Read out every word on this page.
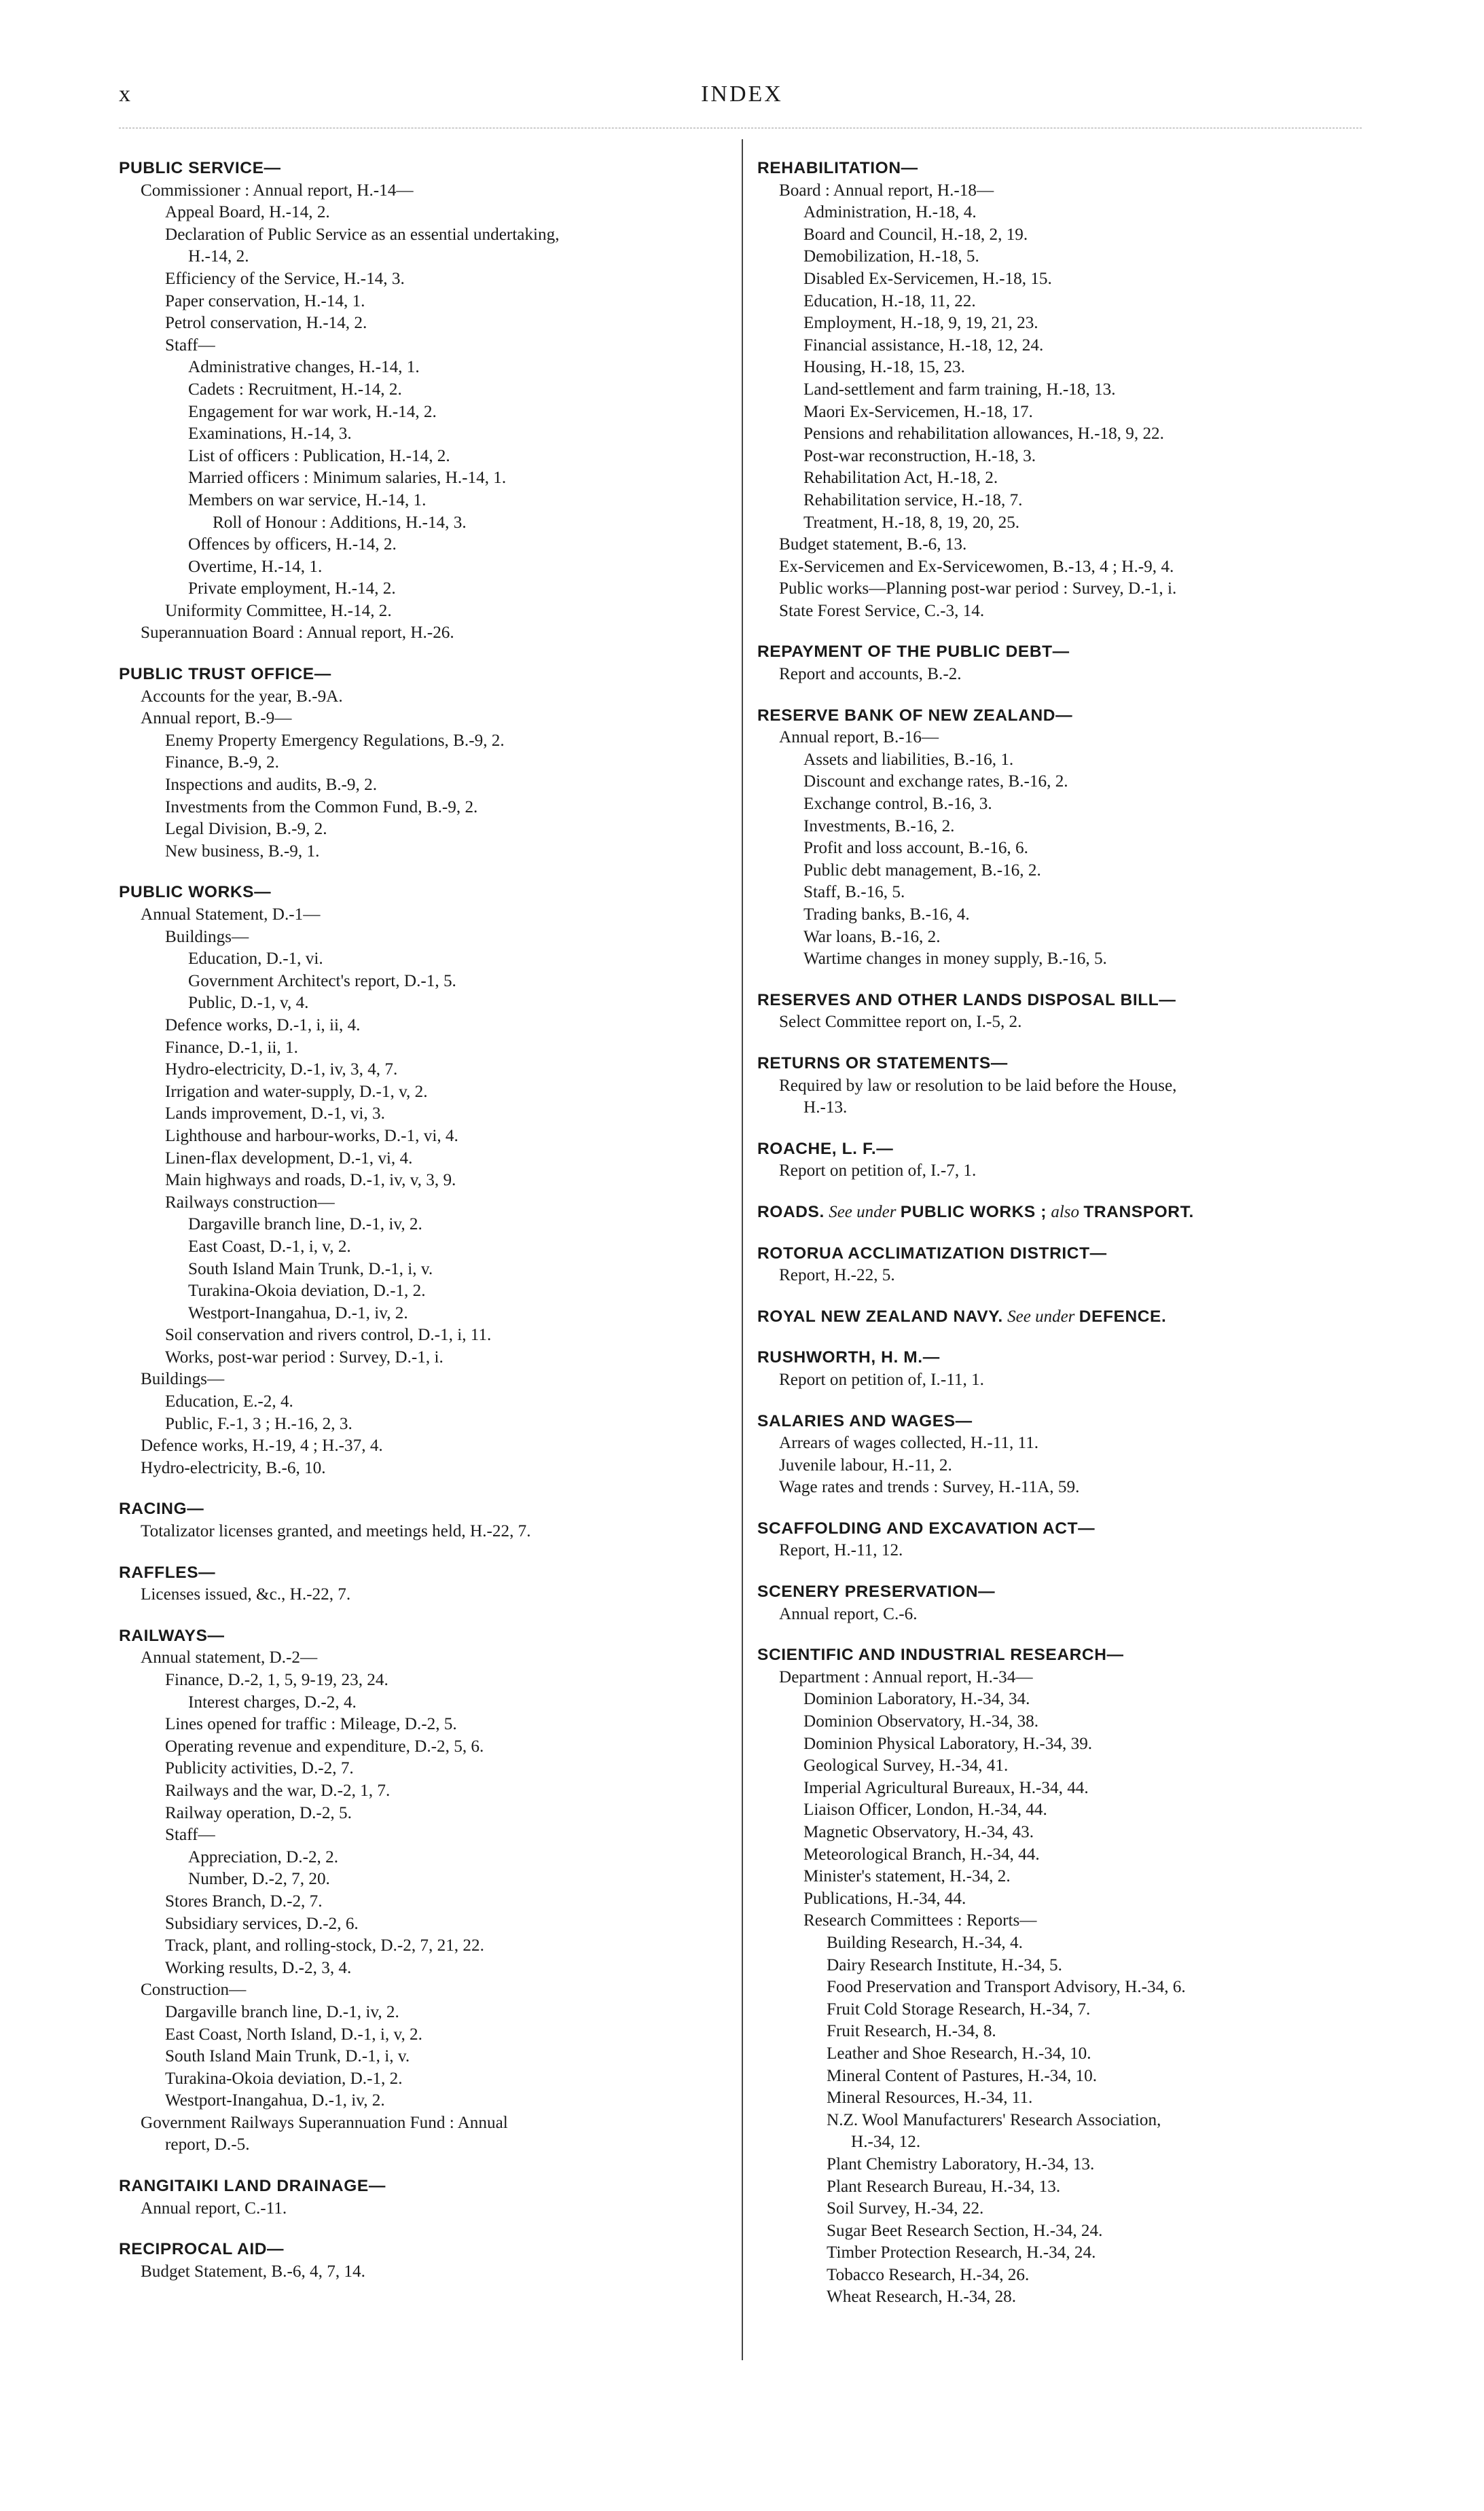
x	INDEX
PUBLIC SERVICE—
Commissioner : Annual report, H.-14—
Appeal Board, H.-14, 2.
Declaration of Public Service as an essential undertaking,
H.-14, 2.
Efficiency of the Service, H.-14, 3.
Paper conservation, H.-14, 1.
Petrol conservation, H.-14, 2.
Staff—
Administrative changes, H.-14, 1.
Cadets : Recruitment, H.-14, 2.
Engagement for war work, H.-14, 2.
Examinations, H.-14, 3.
List of officers : Publication, H.-14, 2.
Married officers : Minimum salaries, H.-14, 1.
Members on war service, H.-14, 1.
Roll of Honour : Additions, H.-14, 3.
Offences by officers, H.-14, 2.
Overtime, H.-14, 1.
Private employment, H.-14, 2.
Uniformity Committee, H.-14, 2.
Superannuation Board : Annual report, H.-26.
PUBLIC TRUST OFFICE—
Accounts for the year, B.-9A.
Annual report, B.-9—
Enemy Property Emergency Regulations, B.-9, 2.
Finance, B.-9, 2.
Inspections and audits, B.-9, 2.
Investments from the Common Fund, B.-9, 2.
Legal Division, B.-9, 2.
New business, B.-9, 1.
PUBLIC WORKS—
Annual Statement, D.-1—
Buildings—
Education, D.-1, vi.
Government Architect's report, D.-1, 5.
Public, D.-1, v, 4.
Defence works, D.-1, i, ii, 4.
Finance, D.-1, ii, 1.
Hydro-electricity, D.-1, iv, 3, 4, 7.
Irrigation and water-supply, D.-1, v, 2.
Lands improvement, D.-1, vi, 3.
Lighthouse and harbour-works, D.-1, vi, 4.
Linen-flax development, D.-1, vi, 4.
Main highways and roads, D.-1, iv, v, 3, 9.
Railways construction—
Dargaville branch line, D.-1, iv, 2.
East Coast, D.-1, i, v, 2.
South Island Main Trunk, D.-1, i, v.
Turakina-Okoia deviation, D.-1, 2.
Westport-Inangahua, D.-1, iv, 2.
Soil conservation and rivers control, D.-1, i, 11.
Works, post-war period : Survey, D.-1, i.
Buildings—
Education, E.-2, 4.
Public, F.-1, 3 ; H.-16, 2, 3.
Defence works, H.-19, 4 ; H.-37, 4.
Hydro-electricity, B.-6, 10.
RACING—
Totalizator licenses granted, and meetings held, H.-22, 7.
RAFFLES—
Licenses issued, &c., H.-22, 7.
RAILWAYS—
Annual statement, D.-2—
Finance, D.-2, 1, 5, 9-19, 23, 24.
Interest charges, D.-2, 4.
Lines opened for traffic : Mileage, D.-2, 5.
Operating revenue and expenditure, D.-2, 5, 6.
Publicity activities, D.-2, 7.
Railways and the war, D.-2, 1, 7.
Railway operation, D.-2, 5.
Staff—
Appreciation, D.-2, 2.
Number, D.-2, 7, 20.
Stores Branch, D.-2, 7.
Subsidiary services, D.-2, 6.
Track, plant, and rolling-stock, D.-2, 7, 21, 22.
Working results, D.-2, 3, 4.
Construction—
Dargaville branch line, D.-1, iv, 2.
East Coast, North Island, D.-1, i, v, 2.
South Island Main Trunk, D.-1, i, v.
Turakina-Okoia deviation, D.-1, 2.
Westport-Inangahua, D.-1, iv, 2.
Government Railways Superannuation Fund : Annual
report, D.-5.
RANGITAIKI LAND DRAINAGE—
Annual report, C.-11.
RECIPROCAL AID—
Budget Statement, B.-6, 4, 7, 14.
REHABILITATION—
Board : Annual report, H.-18—
Administration, H.-18, 4.
Board and Council, H.-18, 2, 19.
Demobilization, H.-18, 5.
Disabled Ex-Servicemen, H.-18, 15.
Education, H.-18, 11, 22.
Employment, H.-18, 9, 19, 21, 23.
Financial assistance, H.-18, 12, 24.
Housing, H.-18, 15, 23.
Land-settlement and farm training, H.-18, 13.
Maori Ex-Servicemen, H.-18, 17.
Pensions and rehabilitation allowances, H.-18, 9, 22.
Post-war reconstruction, H.-18, 3.
Rehabilitation Act, H.-18, 2.
Rehabilitation service, H.-18, 7.
Treatment, H.-18, 8, 19, 20, 25.
Budget statement, B.-6, 13.
Ex-Servicemen and Ex-Servicewomen, B.-13, 4 ; H.-9, 4.
Public works—Planning post-war period : Survey, D.-1, i.
State Forest Service, C.-3, 14.
REPAYMENT OF THE PUBLIC DEBT—
Report and accounts, B.-2.
RESERVE BANK OF NEW ZEALAND—
Annual report, B.-16—
Assets and liabilities, B.-16, 1.
Discount and exchange rates, B.-16, 2.
Exchange control, B.-16, 3.
Investments, B.-16, 2.
Profit and loss account, B.-16, 6.
Public debt management, B.-16, 2.
Staff, B.-16, 5.
Trading banks, B.-16, 4.
War loans, B.-16, 2.
Wartime changes in money supply, B.-16, 5.
RESERVES AND OTHER LANDS DISPOSAL BILL—
Select Committee report on, I.-5, 2.
RETURNS OR STATEMENTS—
Required by law or resolution to be laid before the House,
H.-13.
ROACHE, L. F.—
Report on petition of, I.-7, 1.
ROADS. See under PUBLIC WORKS ; also TRANSPORT.
ROTORUA ACCLIMATIZATION DISTRICT—
Report, H.-22, 5.
ROYAL NEW ZEALAND NAVY. See under DEFENCE.
RUSHWORTH, H. M.—
Report on petition of, I.-11, 1.
SALARIES AND WAGES—
Arrears of wages collected, H.-11, 11.
Juvenile labour, H.-11, 2.
Wage rates and trends : Survey, H.-11A, 59.
SCAFFOLDING AND EXCAVATION ACT—
Report, H.-11, 12.
SCENERY PRESERVATION—
Annual report, C.-6.
SCIENTIFIC AND INDUSTRIAL RESEARCH—
Department : Annual report, H.-34—
Dominion Laboratory, H.-34, 34.
Dominion Observatory, H.-34, 38.
Dominion Physical Laboratory, H.-34, 39.
Geological Survey, H.-34, 41.
Imperial Agricultural Bureaux, H.-34, 44.
Liaison Officer, London, H.-34, 44.
Magnetic Observatory, H.-34, 43.
Meteorological Branch, H.-34, 44.
Minister's statement, H.-34, 2.
Publications, H.-34, 44.
Research Committees : Reports—
Building Research, H.-34, 4.
Dairy Research Institute, H.-34, 5.
Food Preservation and Transport Advisory, H.-34, 6.
Fruit Cold Storage Research, H.-34, 7.
Fruit Research, H.-34, 8.
Leather and Shoe Research, H.-34, 10.
Mineral Content of Pastures, H.-34, 10.
Mineral Resources, H.-34, 11.
N.Z. Wool Manufacturers' Research Association,
H.-34, 12.
Plant Chemistry Laboratory, H.-34, 13.
Plant Research Bureau, H.-34, 13.
Soil Survey, H.-34, 22.
Sugar Beet Research Section, H.-34, 24.
Timber Protection Research, H.-34, 24.
Tobacco Research, H.-34, 26.
Wheat Research, H.-34, 28.
